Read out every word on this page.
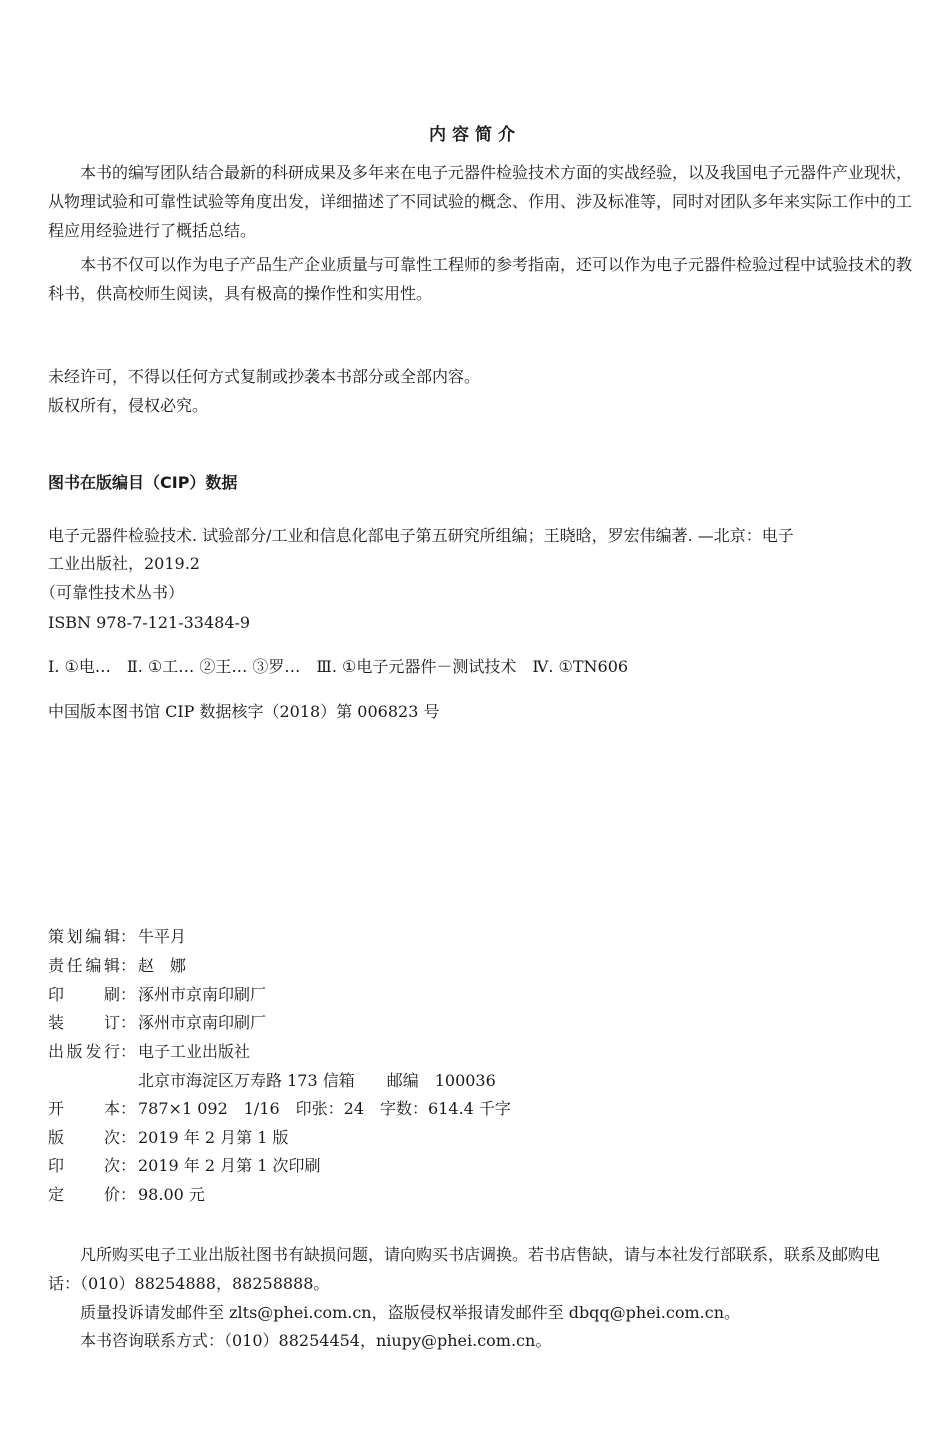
内容简介
本书的编写团队结合最新的科研成果及多年来在电子元器件检验技术方面的实战经验，以及我国电子元器件产业现状，从物理试验和可靠性试验等角度出发，详细描述了不同试验的概念、作用、涉及标准等，同时对团队多年来实际工作中的工程应用经验进行了概括总结。
本书不仅可以作为电子产品生产企业质量与可靠性工程师的参考指南，还可以作为电子元器件检验过程中试验技术的教科书，供高校师生阅读，具有极高的操作性和实用性。
未经许可，不得以任何方式复制或抄袭本书部分或全部内容。
版权所有，侵权必究。
图书在版编目（CIP）数据
电子元器件检验技术. 试验部分/工业和信息化部电子第五研究所组编；王晓晗，罗宏伟编著. —北京：电子
工业出版社，2019.2
（可靠性技术丛书）
ISBN 978-7-121-33484-9
Ⅰ. ①电…　Ⅱ. ①工… ②王… ③罗…　Ⅲ. ①电子元器件－测试技术　Ⅳ. ①TN606
中国版本图书馆 CIP 数据核字（2018）第 006823 号
策划编辑： 牛平月
责任编辑： 赵　娜
印刷： 涿州市京南印刷厂
装订： 涿州市京南印刷厂
出版发行： 电子工业出版社
北京市海淀区万寿路 173 信箱　　邮编　100036
开本： 787×1 092　1/16　印张：24　字数：614.4 千字
版次： 2019 年 2 月第 1 版
印次： 2019 年 2 月第 1 次印刷
定价： 98.00 元
凡所购买电子工业出版社图书有缺损问题，请向购买书店调换。若书店售缺，请与本社发行部联系，联系及邮购电话：（010）88254888，88258888。
质量投诉请发邮件至 zlts@phei.com.cn，盗版侵权举报请发邮件至 dbqq@phei.com.cn。
本书咨询联系方式：（010）88254454，niupy@phei.com.cn。
